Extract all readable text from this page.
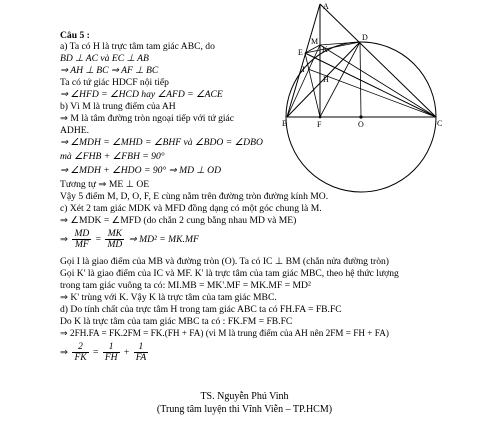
Câu 5 :
a) Ta có H là trực tâm tam giác ABC, do
BD ⊥ AC và EC ⊥ AB
⇒ AH ⊥ BC ⇒ AF ⊥ BC
Ta có tứ giác HDCF nội tiếp
⇒ ∠HFD = ∠HCD hay ∠AFD = ∠ACE
b) Vì M là trung điểm của AH
⇒ M là tâm đường tròn ngoại tiếp với tứ giác
ADHE.
⇒ ∠MDH = ∠MHD = ∠BHF và ∠BDO = ∠DBO
mà ∠FHB + ∠FBH = 90°
⇒ ∠MDH + ∠HDO = 90° ⇒ MD ⊥ OD
Tương tự ⇒ ME ⊥ OE
Vậy 5 điểm M, D, O, F, E cùng nằm trên đường tròn đường kính MO.
c) Xét 2 tam giác MDK và MFD đồng dạng có một góc chung là M.
⇒ ∠MDK = ∠MFD (do chắn 2 cung bằng nhau MD và ME)
⇒ $\frac{MD}{MF} = \frac{MK}{MD}$ ⇒ MD² = MK.MF
Gọi I là giao điểm của MB và đường tròn (O). Ta có IC ⊥ BM (chắn nửa đường tròn)
Gọi K' là giao điểm của IC và MF. K' là trực tâm của tam giác MBC, theo hệ thức lượng
trong tam giác vuông ta có: MI.MB = MK'.MF = MK.MF = MD²
⇒ K' trùng với K. Vậy K là trực tâm của tam giác MBC.
d) Do tính chất của trực tâm H trong tam giác ABC ta có FH.FA = FB.FC
Do K là trực tâm của tam giác MBC ta có : FK.FM = FB.FC
⇒ 2FH.FA = FK.2FM = FK.(FH + FA) (vì M là trung điểm của AH nên 2FM = FH + FA)
⇒ $\frac{2}{FK} = \frac{1}{FH} + \frac{1}{FA}$
TS. Nguyễn Phú Vinh
(Trung tâm luyện thi Vĩnh Viễn – TP.HCM)
A
M	D
K
E
H
I
B	F	O	C
